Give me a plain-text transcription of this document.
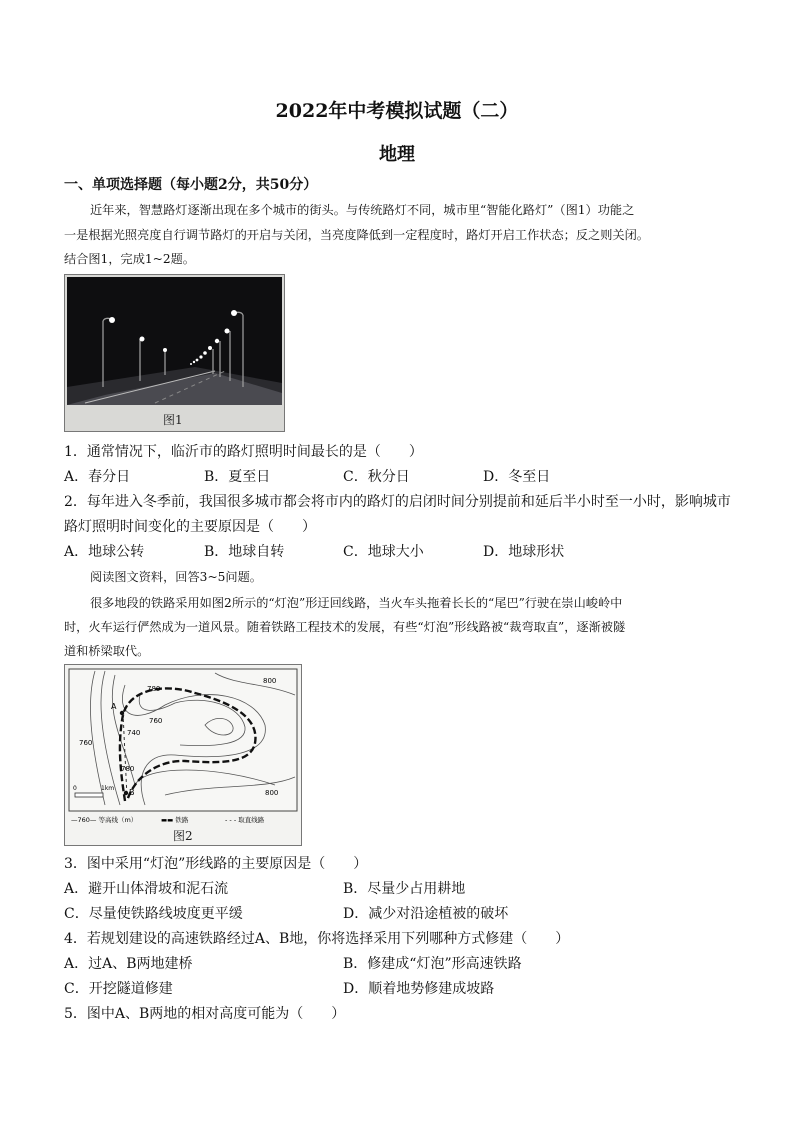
2022年中考模拟试题（二）
地理
一、单项选择题（每小题2分，共50分）
近年来，智慧路灯逐渐出现在多个城市的街头。与传统路灯不同，城市里“智能化路灯”（图1）功能之
一是根据光照亮度自行调节路灯的开启与关闭，当亮度降低到一定程度时，路灯开启工作状态；反之则关闭。
结合图1，完成1~2题。
图1
1．通常情况下，临沂市的路灯照明时间最长的是（　　）
A．春分日	B．夏至日	C．秋分日	D．冬至日
2．每年进入冬季前，我国很多城市都会将市内的路灯的启闭时间分别提前和延后半小时至一小时，影响城市
路灯照明时间变化的主要原因是（　　）
A．地球公转	B．地球自转	C．地球大小	D．地球形状
阅读图文资料，回答3~5问题。
很多地段的铁路采用如图2所示的“灯泡”形迂回线路，当火车头拖着长长的“尾巴”行驶在崇山峻岭中
时，火车运行俨然成为一道风景。随着铁路工程技术的发展，有些“灯泡”形线路被“裁弯取直”，逐渐被隧
道和桥梁取代。
A
B
800
780
760
740
760
780
800
0	1km
—760— 等高线（m）	▬▬ 铁路	- - - 取直线路
图2
3．图中采用“灯泡”形线路的主要原因是（　　）
A．避开山体滑坡和泥石流	B．尽量少占用耕地
C．尽量使铁路线坡度更平缓	D．减少对沿途植被的破坏
4．若规划建设的高速铁路经过A、B地，你将选择采用下列哪种方式修建（　　）
A．过A、B两地建桥	B．修建成“灯泡”形高速铁路
C．开挖隧道修建	D．顺着地势修建成坡路
5．图中A、B两地的相对高度可能为（　　）
